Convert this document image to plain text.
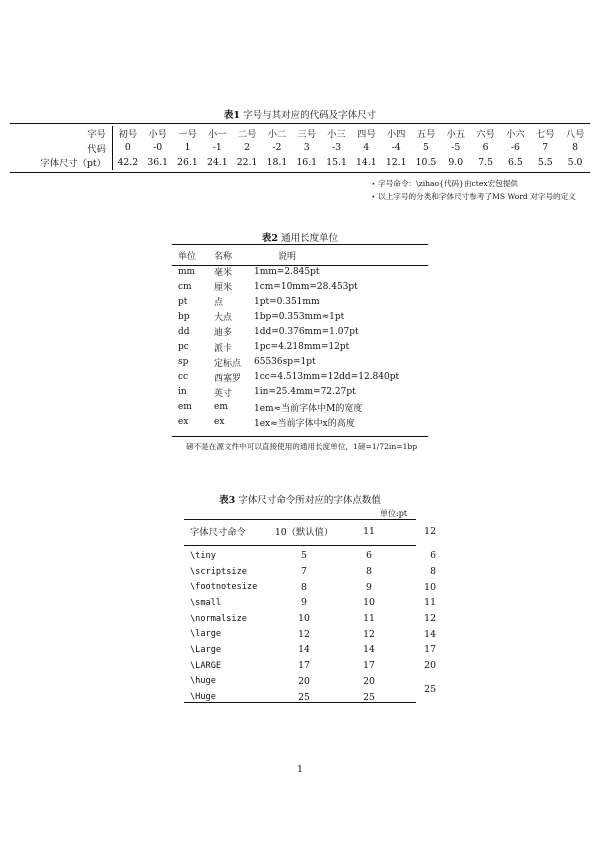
表1 字号与其对应的代码及字体尺寸
字号	初号	小号	一号	小一	二号	小二	三号	小三	四号	小四	五号	小五	六号	小六	七号	八号
代码	0	-0	1	-1	2	-2	3	-3	4	-4	5	-5	6	-6	7	8
字体尺寸（pt）	42.2	36.1	26.1	24.1	22.1	18.1	16.1	15.1	14.1	12.1	10.5	9.0	7.5	6.5	5.5	5.0
⋆ 字号命令：\zihao{代码}由ctex宏包提供
⋆ 以上字号的分类和字体尺寸参考了MS Word 对字号的定义
表2 通用长度单位
单位	名称	说明
mm	毫米	1mm=2.845pt
cm	厘米	1cm=10mm=28.453pt
pt	点	1pt=0.351mm
bp	大点	1bp=0.353mm≈1pt
dd	迪多	1dd=0.376mm=1.07pt
pc	派卡	1pc=4.218mm=12pt
sp	定标点	65536sp=1pt
cc	西塞罗	1cc=4.513mm=12dd=12.840pt
in	英寸	1in=25.4mm=72.27pt
em	em	1em≈当前字体中M的宽度
ex	ex	1ex≈当前字体中x的高度
磅不是在源文件中可以直接使用的通用长度单位，1磅=1/72in=1bp
表3 字体尺寸命令所对应的字体点数值
单位:pt
字体尺寸命令	10（默认值）	11	12

\tiny	5	6	6
\scriptsize	7	8	8
\footnotesize	8	9	10
\small	9	10	11
\normalsize	10	11	12
\large	12	12	14
\Large	14	14	17
\LARGE	17	17	20
\huge	20	20	25
\Huge	25	25	
1
